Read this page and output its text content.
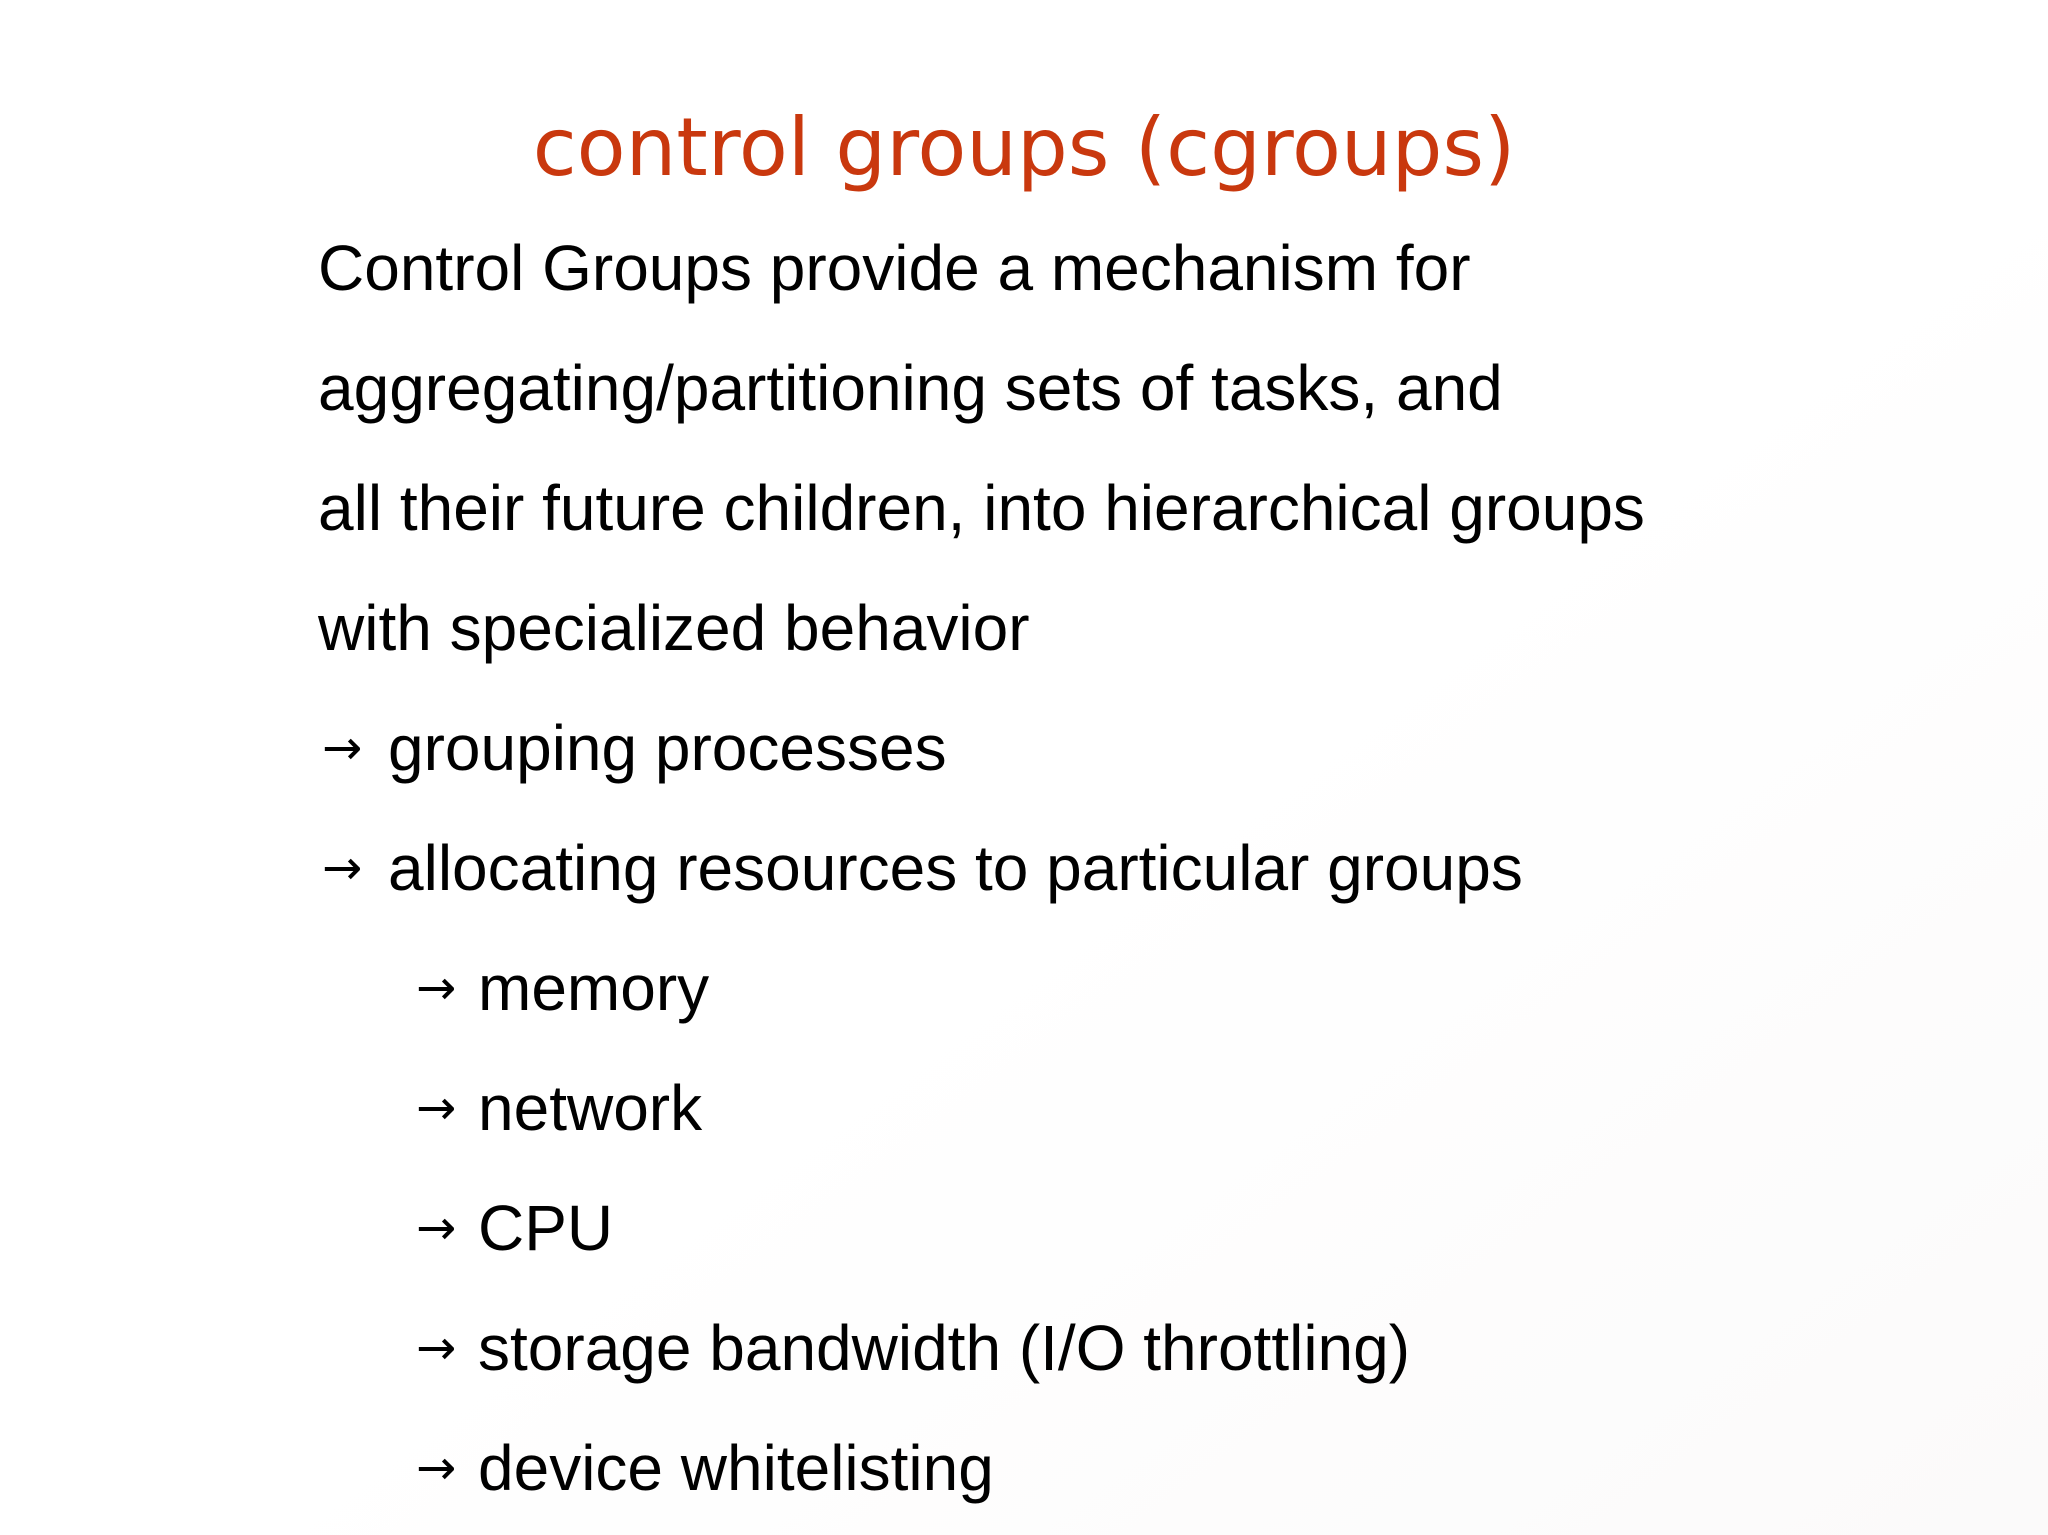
control groups (cgroups)
Control Groups provide a mechanism for
aggregating/partitioning sets of tasks, and
all their future children, into hierarchical groups
with specialized behavior
→ grouping processes
→ allocating resources to particular groups
→ memory
→ network
→ CPU
→ storage bandwidth (I/O throttling)
→ device whitelisting
